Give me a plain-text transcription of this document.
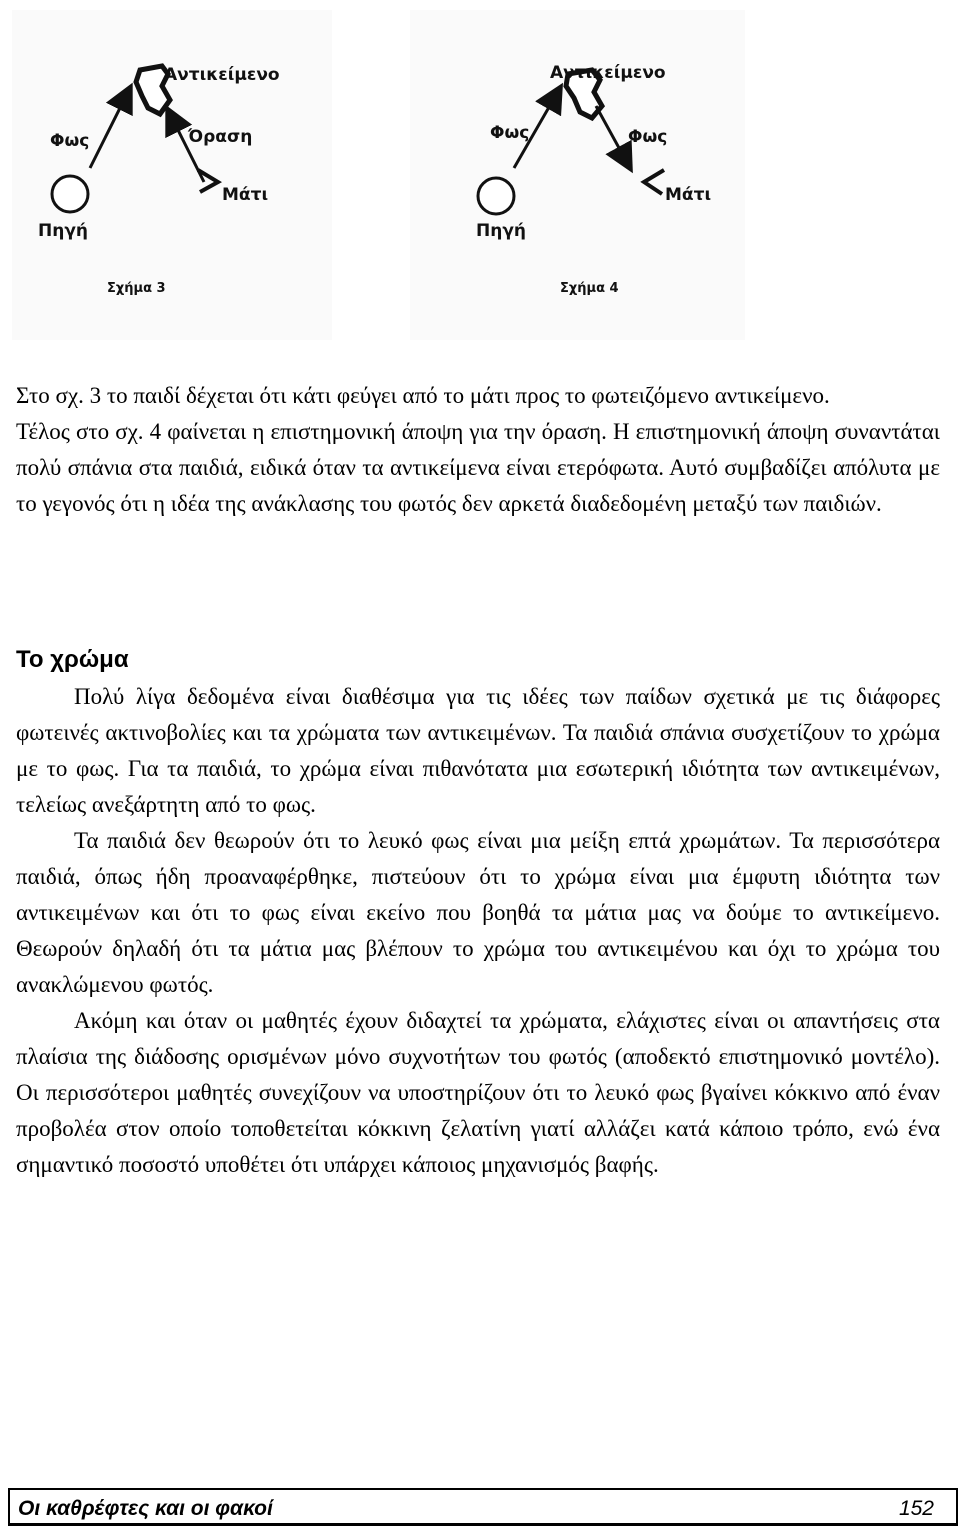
Αντικείμενο
Φως	Όραση
Μάτι
Πηγή
Σχήμα 3
Αντικείμενο
Φως	Φως
Μάτι
Πηγή
Σχήμα 4

Στο σχ. 3 το παιδί δέχεται ότι κάτι φεύγει από το μάτι προς το φωτειζόμενο αντικείμενο.

Τέλος στο σχ. 4 φαίνεται η επιστημονική άποψη για την όραση. Η επιστημονική άποψη συναντάται πολύ σπάνια στα παιδιά, ειδικά όταν τα αντικείμενα είναι ετερόφωτα. Αυτό συμβαδίζει απόλυτα με το γεγονός ότι η ιδέα της ανάκλασης του φωτός δεν αρκετά διαδεδομένη μεταξύ των παιδιών.

Το χρώμα

Πολύ λίγα δεδομένα είναι διαθέσιμα για τις ιδέες των παίδων σχετικά με τις διάφορες φωτεινές ακτινοβολίες και τα χρώματα των αντικειμένων. Τα παιδιά σπάνια συσχετίζουν το χρώμα με το φως. Για τα παιδιά, το χρώμα είναι πιθανότατα μια εσωτερική ιδιότητα των αντικειμένων, τελείως ανεξάρτητη από το φως.

Τα παιδιά δεν θεωρούν ότι το λευκό φως είναι μια μείξη επτά χρωμάτων. Τα περισσότερα παιδιά, όπως ήδη προαναφέρθηκε, πιστεύουν ότι το χρώμα είναι μια έμφυτη ιδιότητα των αντικειμένων και ότι το φως είναι εκείνο που βοηθά τα μάτια μας να δούμε το αντικείμενο. Θεωρούν δηλαδή ότι τα μάτια μας βλέπουν το χρώμα του αντικειμένου και όχι το χρώμα του ανακλώμενου φωτός.

Ακόμη και όταν οι μαθητές έχουν διδαχτεί τα χρώματα, ελάχιστες είναι οι απαντήσεις στα πλαίσια της διάδοσης ορισμένων μόνο συχνοτήτων του φωτός (αποδεκτό επιστημονικό μοντέλο). Οι περισσότεροι μαθητές συνεχίζουν να υποστηρίζουν ότι το λευκό φως βγαίνει κόκκινο από έναν προβολέα στον οποίο τοποθετείται κόκκινη ζελατίνη γιατί αλλάζει κατά κάποιο τρόπο, ενώ ένα σημαντικό ποσοστό υποθέτει ότι υπάρχει κάποιος μηχανισμός βαφής.

Οι καθρέφτες και οι φακοί	152
